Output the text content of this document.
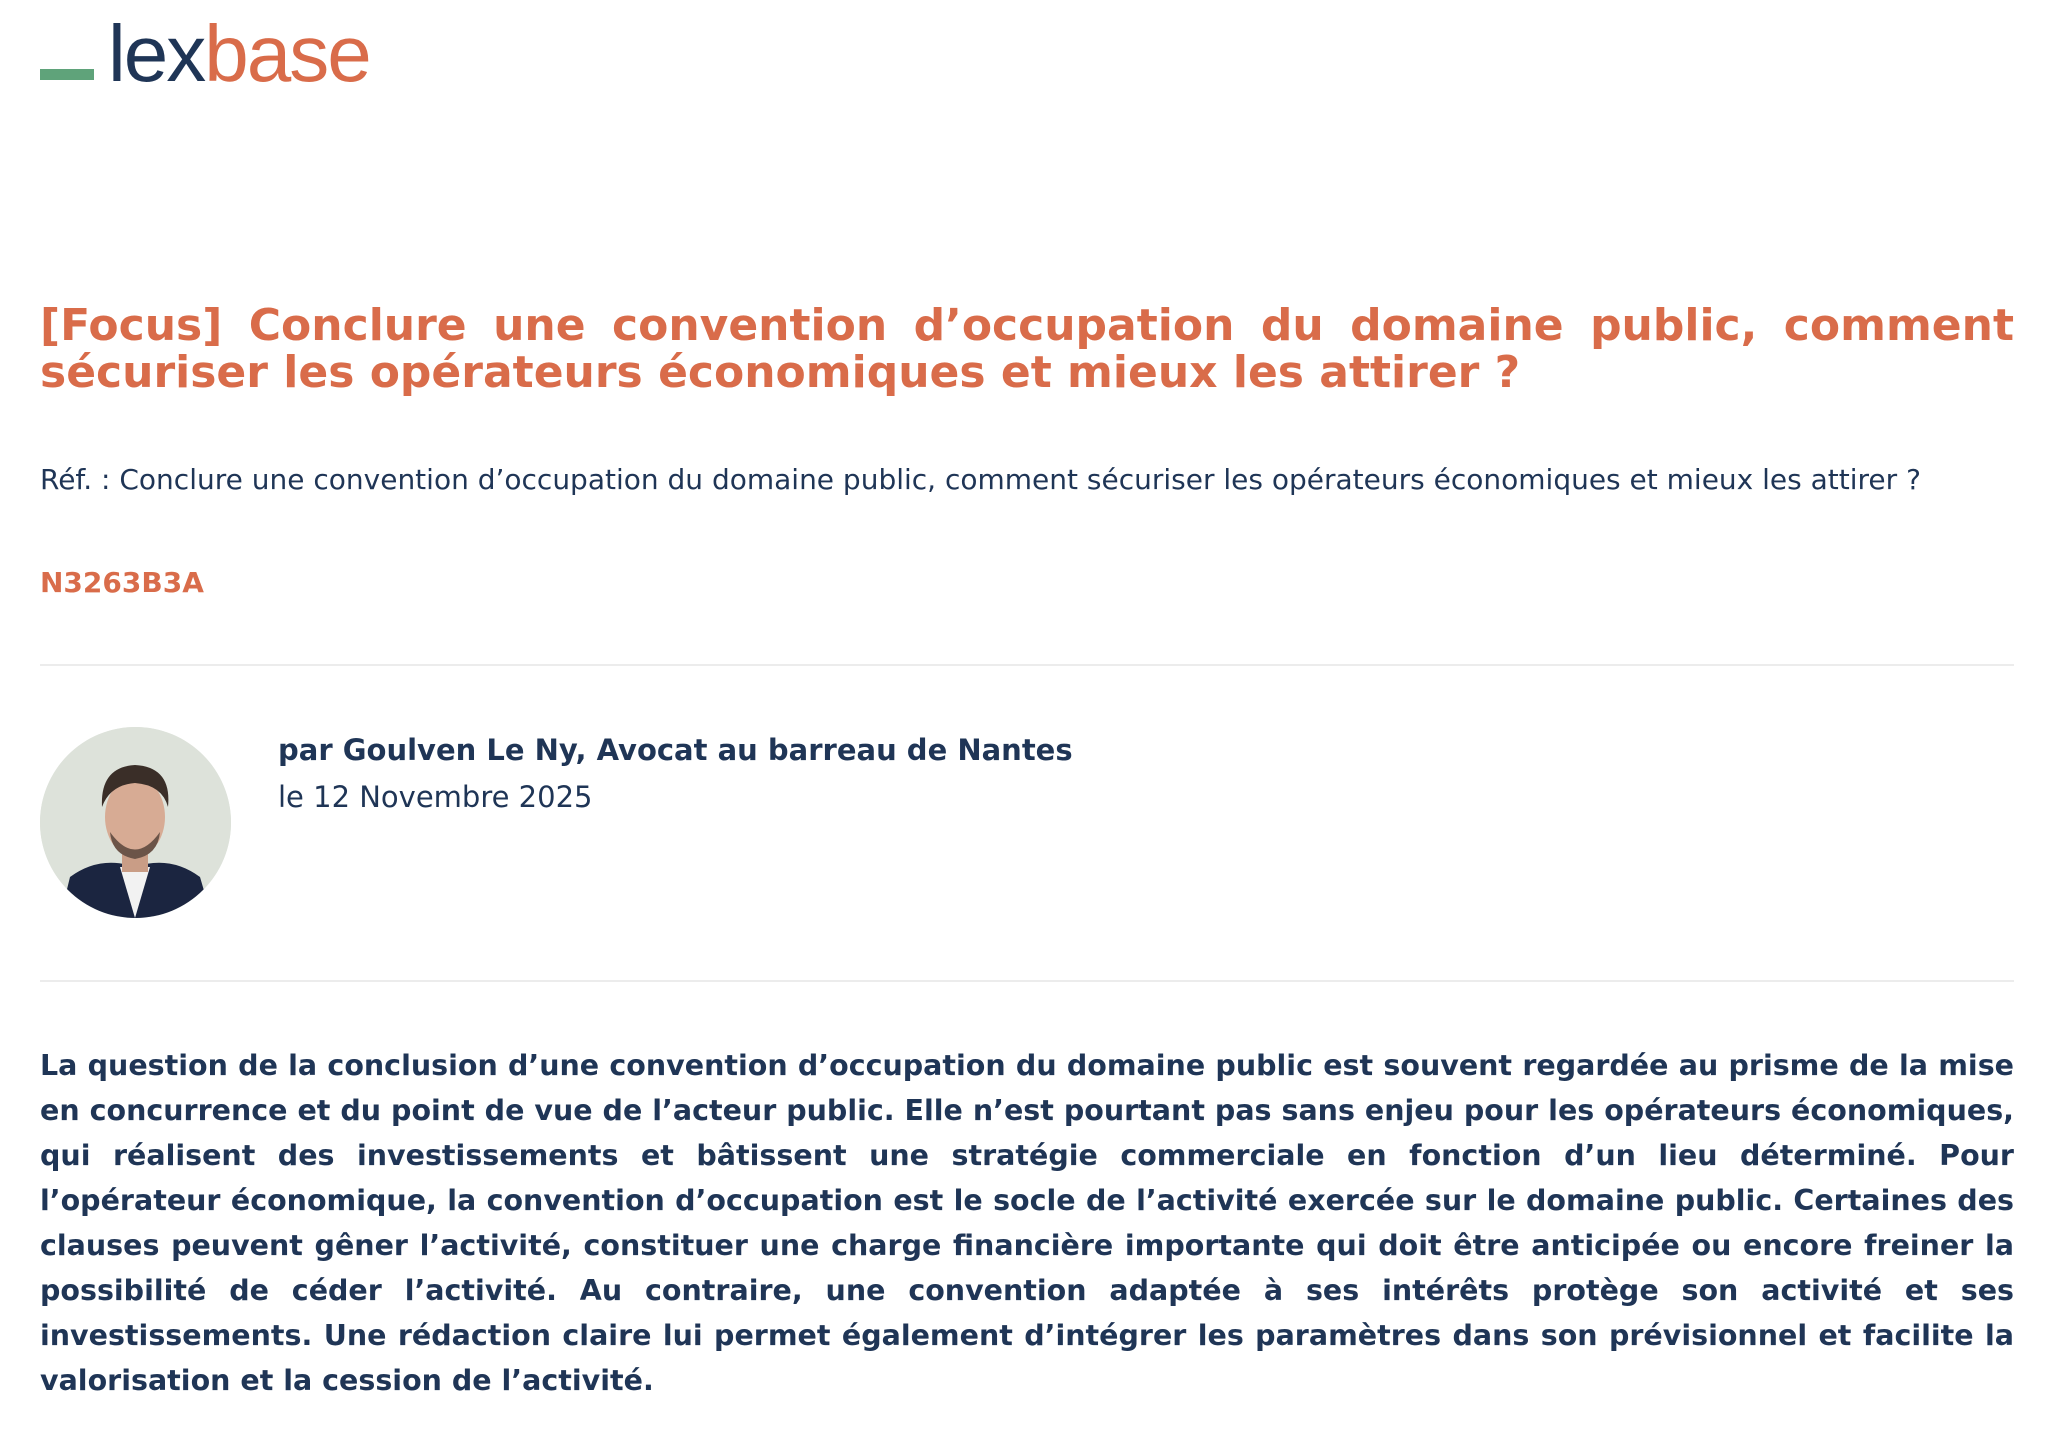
lex base
[Focus] Conclure une convention d’occupation du domaine public, comment sécuriser les opérateurs économiques et mieux les attirer ?
Réf. : Conclure une convention d’occupation du domaine public, comment sécuriser les opérateurs économiques et mieux les attirer ?
N3263B3A
par Goulven Le Ny, Avocat au barreau de Nantes
le 12 Novembre 2025
La question de la conclusion d’une convention d’occupation du domaine public est souvent regardée au prisme de la mise en concurrence et du point de vue de l’acteur public. Elle n’est pourtant pas sans enjeu pour les opérateurs économiques, qui réalisent des investissements et bâtissent une stratégie commerciale en fonction d’un lieu déterminé. Pour l’opérateur économique, la convention d’occupation est le socle de l’activité exercée sur le domaine public. Certaines des clauses peuvent gêner l’activité, constituer une charge financière importante qui doit être anticipée ou encore freiner la possibilité de céder l’activité. Au contraire, une convention adaptée à ses intérêts protège son activité et ses investissements. Une rédaction claire lui permet également d’intégrer les paramètres dans son prévisionnel et facilite la valorisation et la cession de l’activité.
